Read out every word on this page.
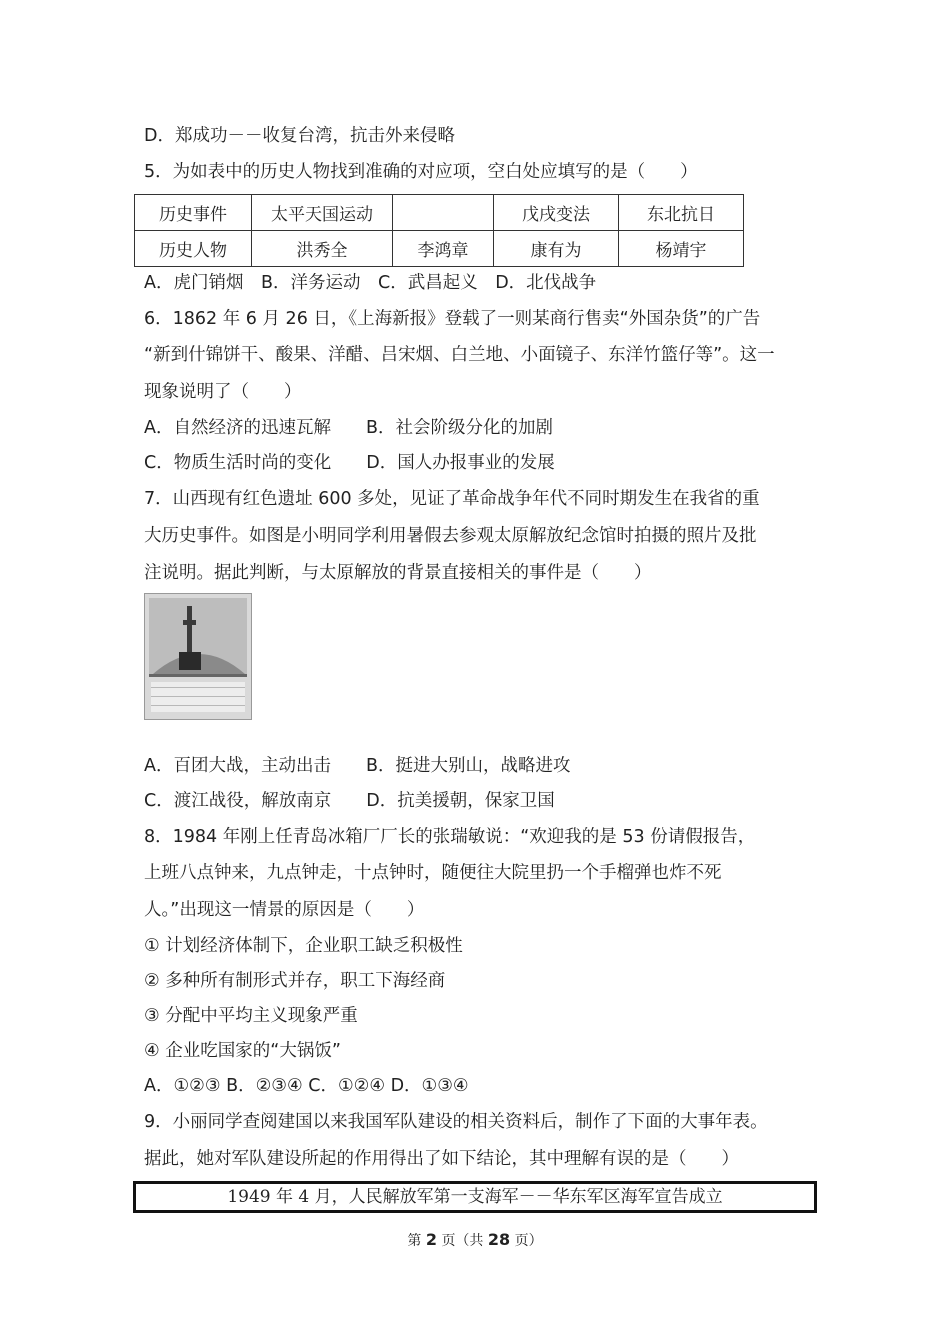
D．郑成功－－收复台湾，抗击外来侵略
5．为如表中的历史人物找到准确的对应项，空白处应填写的是（　　）
历史事件	太平天国运动		戊戌变法	东北抗日
历史人物	洪秀全	李鸿章	康有为	杨靖宇
A．虎门销烟　B．洋务运动　C．武昌起义　D．北伐战争
6．1862 年 6 月 26 日，《上海新报》登载了一则某商行售卖“外国杂货”的广告
“新到什锦饼干、酸果、洋醋、吕宋烟、白兰地、小面镜子、东洋竹篮仔等”。这一
现象说明了（　　）
A．自然经济的迅速瓦解　　B．社会阶级分化的加剧
C．物质生活时尚的变化　　D．国人办报事业的发展
7．山西现有红色遗址 600 多处，见证了革命战争年代不同时期发生在我省的重
大历史事件。如图是小明同学利用暑假去参观太原解放纪念馆时拍摄的照片及批
注说明。据此判断，与太原解放的背景直接相关的事件是（　　）
A．百团大战，主动出击　　B．挺进大别山，战略进攻
C．渡江战役，解放南京　　D．抗美援朝，保家卫国
8．1984 年刚上任青岛冰箱厂厂长的张瑞敏说：“欢迎我的是 53 份请假报告，
上班八点钟来，九点钟走，十点钟时，随便往大院里扔一个手榴弹也炸不死
人。”出现这一情景的原因是（　　）
① 计划经济体制下，企业职工缺乏积极性
② 多种所有制形式并存，职工下海经商
③ 分配中平均主义现象严重
④ 企业吃国家的“大锅饭”
A．①②③ B．②③④ C．①②④ D．①③④
9．小丽同学查阅建国以来我国军队建设的相关资料后，制作了下面的大事年表。
据此，她对军队建设所起的作用得出了如下结论，其中理解有误的是（　　）
1949 年 4 月，人民解放军第一支海军－－华东军区海军宣告成立
第 2 页（共 28 页）
